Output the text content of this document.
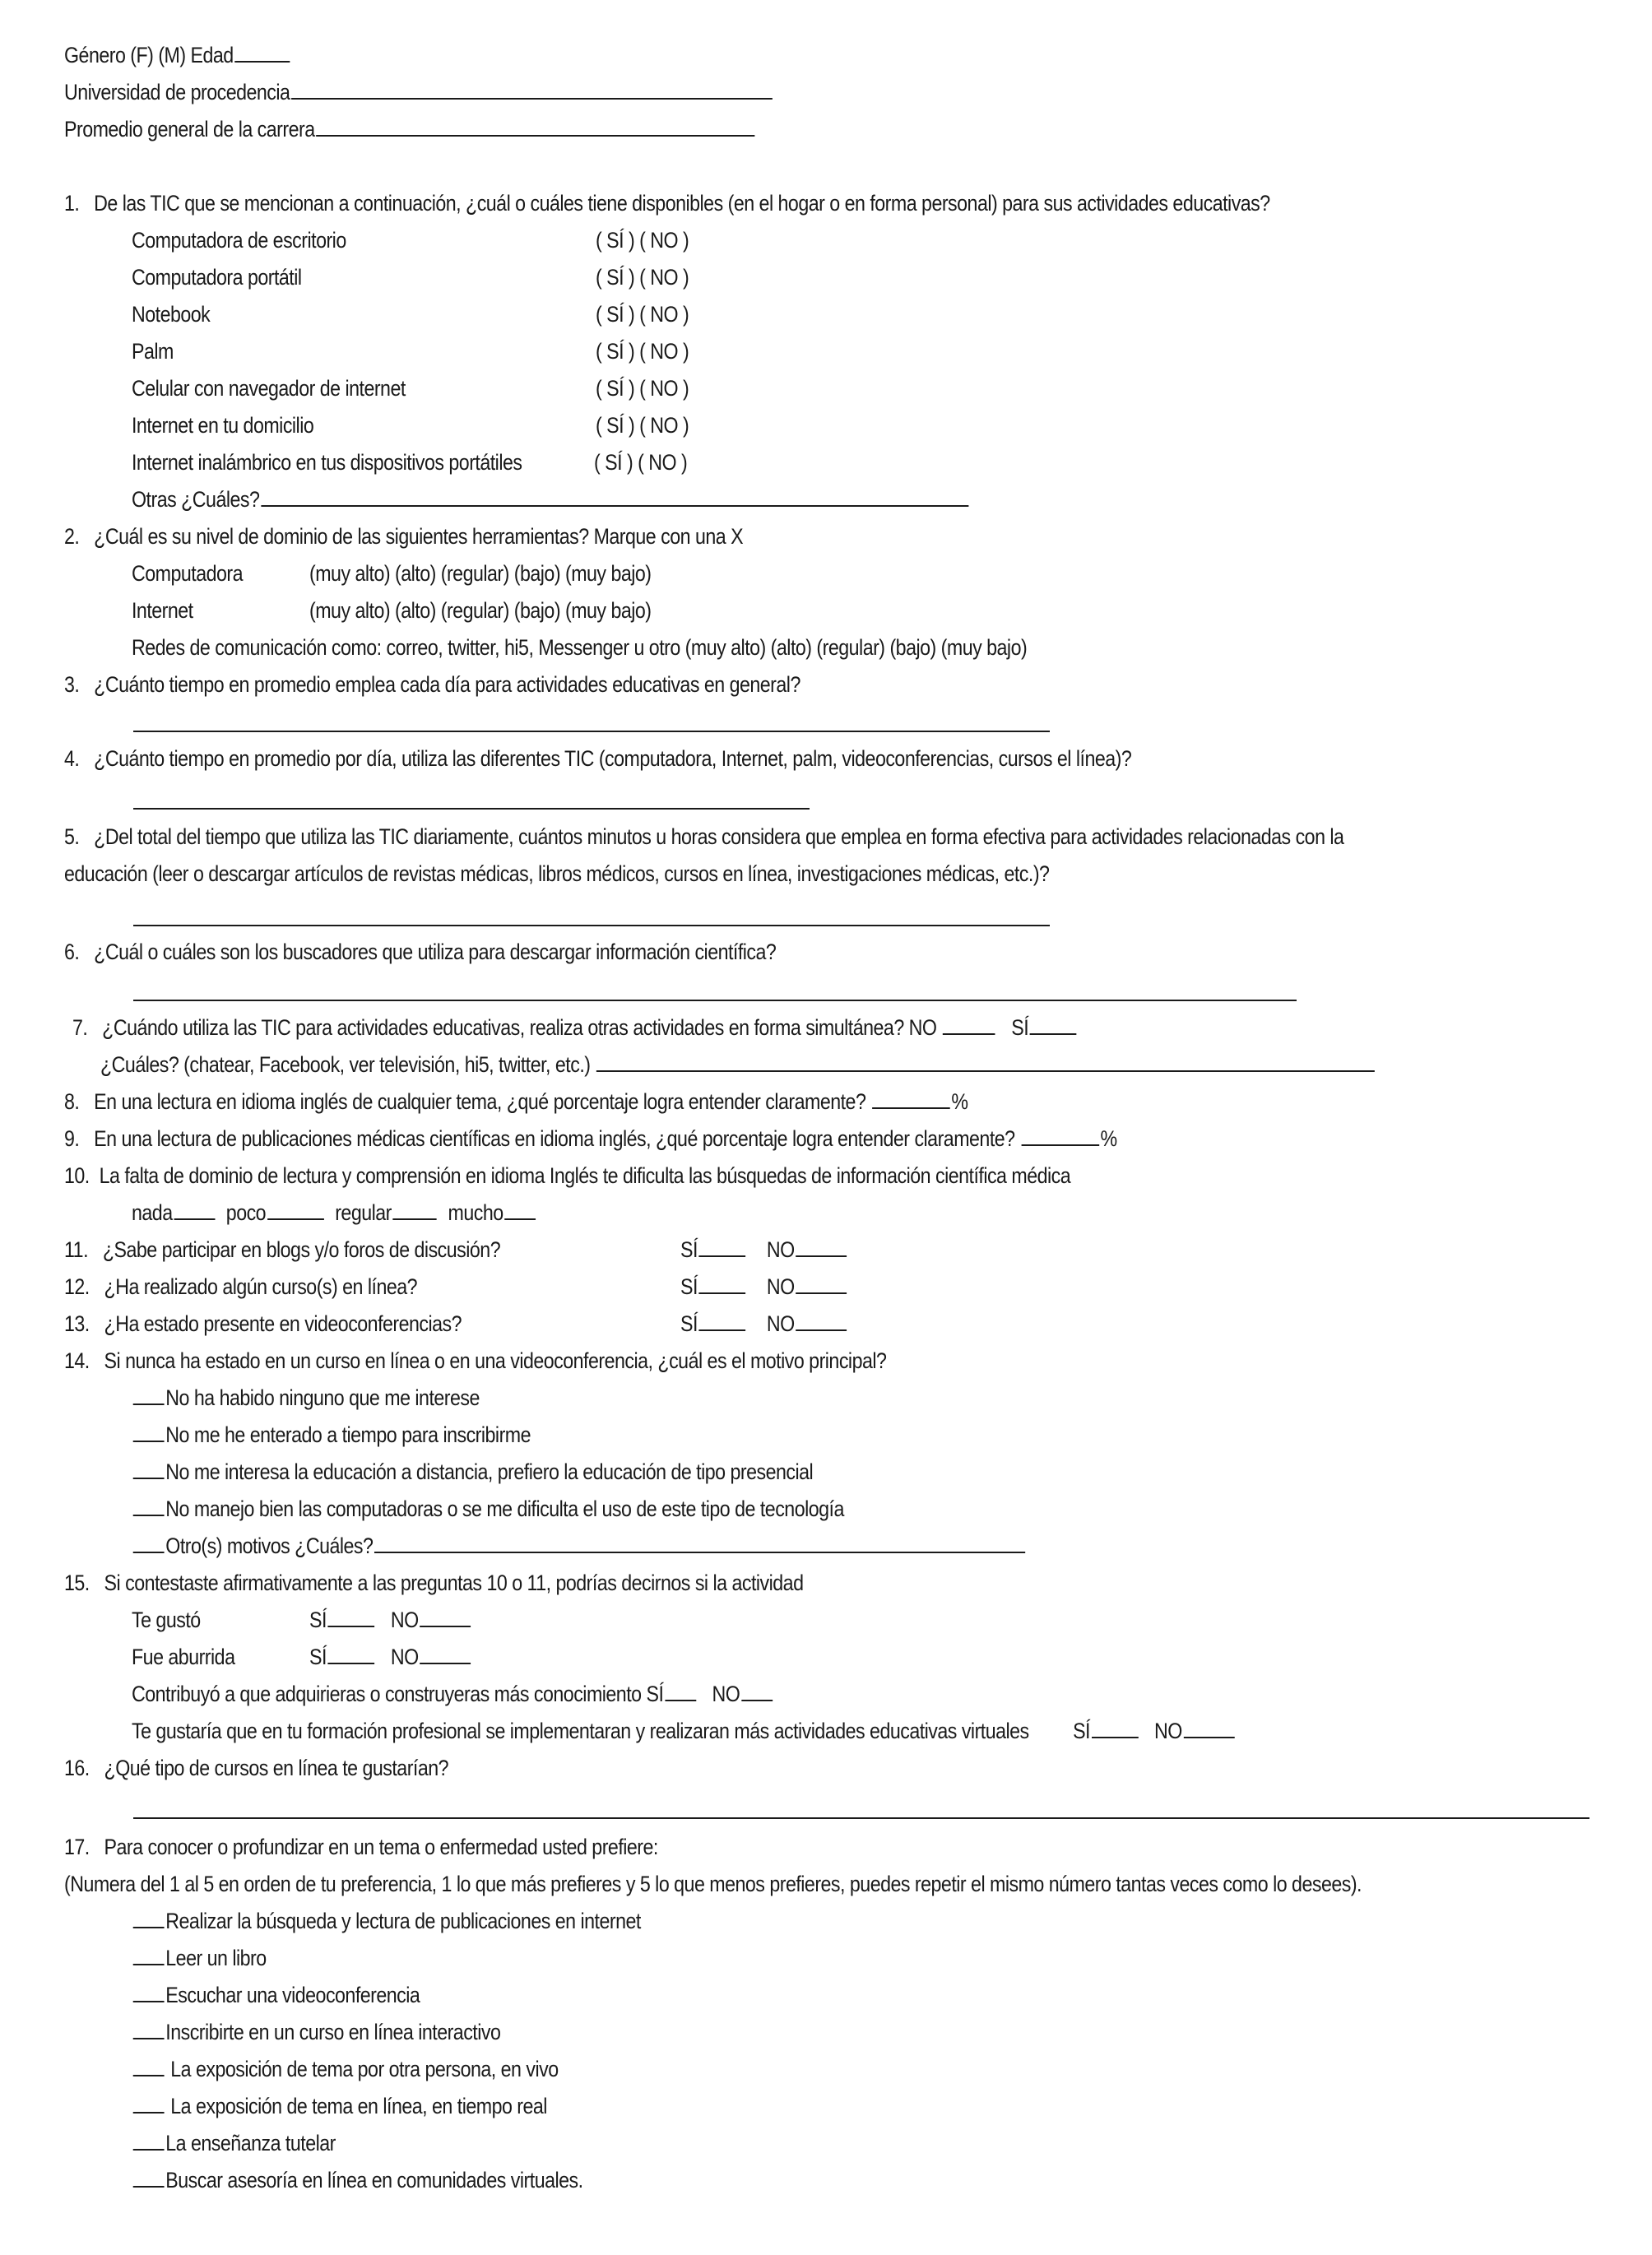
Género (F) (M) Edad
Universidad de procedencia
Promedio general de la carrera
1. De las TIC que se mencionan a continuación, ¿cuál o cuáles tiene disponibles (en el hogar o en forma personal) para sus actividades educativas?
Computadora de escritorio	( SÍ ) ( NO )
Computadora portátil	( SÍ ) ( NO )
Notebook	( SÍ ) ( NO )
Palm	( SÍ ) ( NO )
Celular con navegador de internet	( SÍ ) ( NO )
Internet en tu domicilio	( SÍ ) ( NO )
Internet inalámbrico en tus dispositivos portátiles	( SÍ ) ( NO )
Otras ¿Cuáles?
2. ¿Cuál es su nivel de dominio de las siguientes herramientas? Marque con una X
Computadora	(muy alto) (alto) (regular) (bajo) (muy bajo)
Internet	(muy alto) (alto) (regular) (bajo) (muy bajo)
Redes de comunicación como: correo, twitter, hi5, Messenger u otro (muy alto) (alto) (regular) (bajo) (muy bajo)
3. ¿Cuánto tiempo en promedio emplea cada día para actividades educativas en general?
4. ¿Cuánto tiempo en promedio por día, utiliza las diferentes TIC (computadora, Internet, palm, videoconferencias, cursos el línea)?
5. ¿Del total del tiempo que utiliza las TIC diariamente, cuántos minutos u horas considera que emplea en forma efectiva para actividades relacionadas con la
educación (leer o descargar artículos de revistas médicas, libros médicos, cursos en línea, investigaciones médicas, etc.)?
6. ¿Cuál o cuáles son los buscadores que utiliza para descargar información científica?
7. ¿Cuándo utiliza las TIC para actividades educativas, realiza otras actividades en forma simultánea? NO	SÍ
¿Cuáles? (chatear, Facebook, ver televisión, hi5, twitter, etc.)
8. En una lectura en idioma inglés de cualquier tema, ¿qué porcentaje logra entender claramente?	%
9. En una lectura de publicaciones médicas científicas en idioma inglés, ¿qué porcentaje logra entender claramente?	%
10. La falta de dominio de lectura y comprensión en idioma Inglés te dificulta las búsquedas de información científica médica
nada poco	regular	mucho
11. ¿Sabe participar en blogs y/o foros de discusión?	SÍ	NO
12. ¿Ha realizado algún curso(s) en línea?	SÍ	NO
13. ¿Ha estado presente en videoconferencias?	SÍ	NO
14. Si nunca ha estado en un curso en línea o en una videoconferencia, ¿cuál es el motivo principal?
No ha habido ninguno que me interese
No me he enterado a tiempo para inscribirme
No me interesa la educación a distancia, prefiero la educación de tipo presencial
No manejo bien las computadoras o se me dificulta el uso de este tipo de tecnología
Otro(s) motivos ¿Cuáles?
15. Si contestaste afirmativamente a las preguntas 10 o 11, podrías decirnos si la actividad
Te gustó	SÍ	NO
Fue aburrida	SÍ	NO
Contribuyó a que adquirieras o construyeras más conocimiento SÍ NO
Te gustaría que en tu formación profesional se implementaran y realizaran más actividades educativas virtuales SÍ	NO
16. ¿Qué tipo de cursos en línea te gustarían?
17. Para conocer o profundizar en un tema o enfermedad usted prefiere:
(Numera del 1 al 5 en orden de tu preferencia, 1 lo que más prefieres y 5 lo que menos prefieres, puedes repetir el mismo número tantas veces como lo desees).
Realizar la búsqueda y lectura de publicaciones en internet
Leer un libro
Escuchar una videoconferencia
Inscribirte en un curso en línea interactivo
La exposición de tema por otra persona, en vivo
La exposición de tema en línea, en tiempo real
La enseñanza tutelar
Buscar asesoría en línea en comunidades virtuales.
